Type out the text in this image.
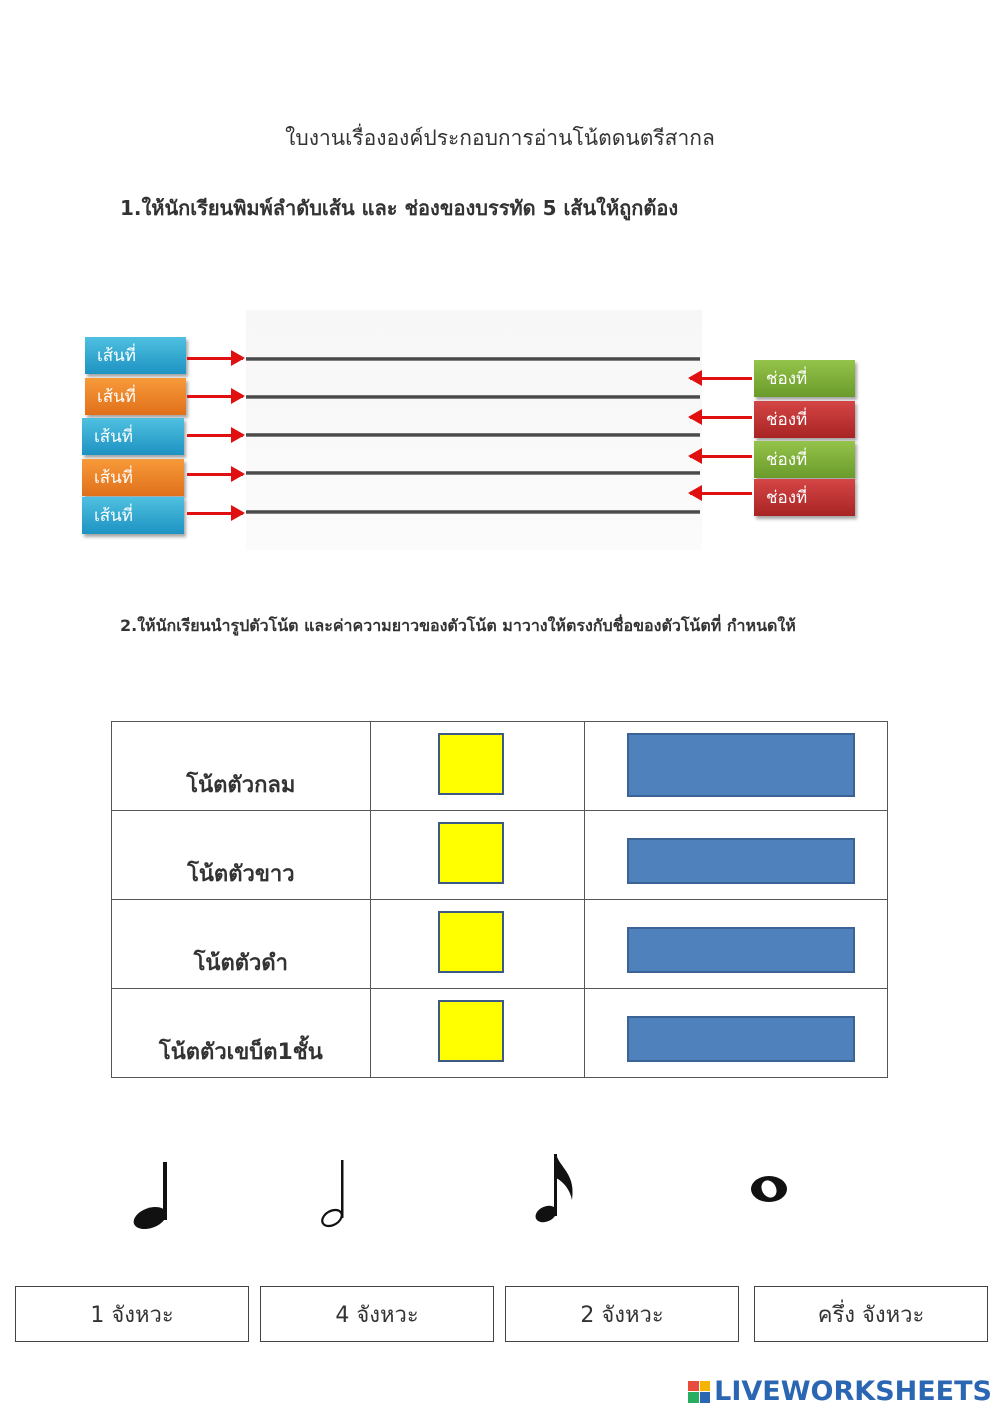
ใบงานเรื่ององค์ประกอบการอ่านโน้ตดนตรีสากล
1.ให้นักเรียนพิมพ์ลำดับเส้น และ ช่องของบรรทัด 5 เส้นให้ถูกต้อง
เส้นที่
เส้นที่
เส้นที่
เส้นที่
เส้นที่
ช่องที่
ช่องที่
ช่องที่
ช่องที่
2.ให้นักเรียนนำรูปตัวโน้ต และค่าความยาวของตัวโน้ต มาวางให้ตรงกับชื่อของตัวโน้ตที่ กำหนดให้
โน้ตตัวกลม		

โน้ตตัวขาว		

โน้ตตัวดำ		

โน้ตตัวเขบ็ต1ชั้น		

1 จังหวะ	4 จังหวะ	2 จังหวะ	ครึ่ง จังหวะ
LIVEWORKSHEETS
